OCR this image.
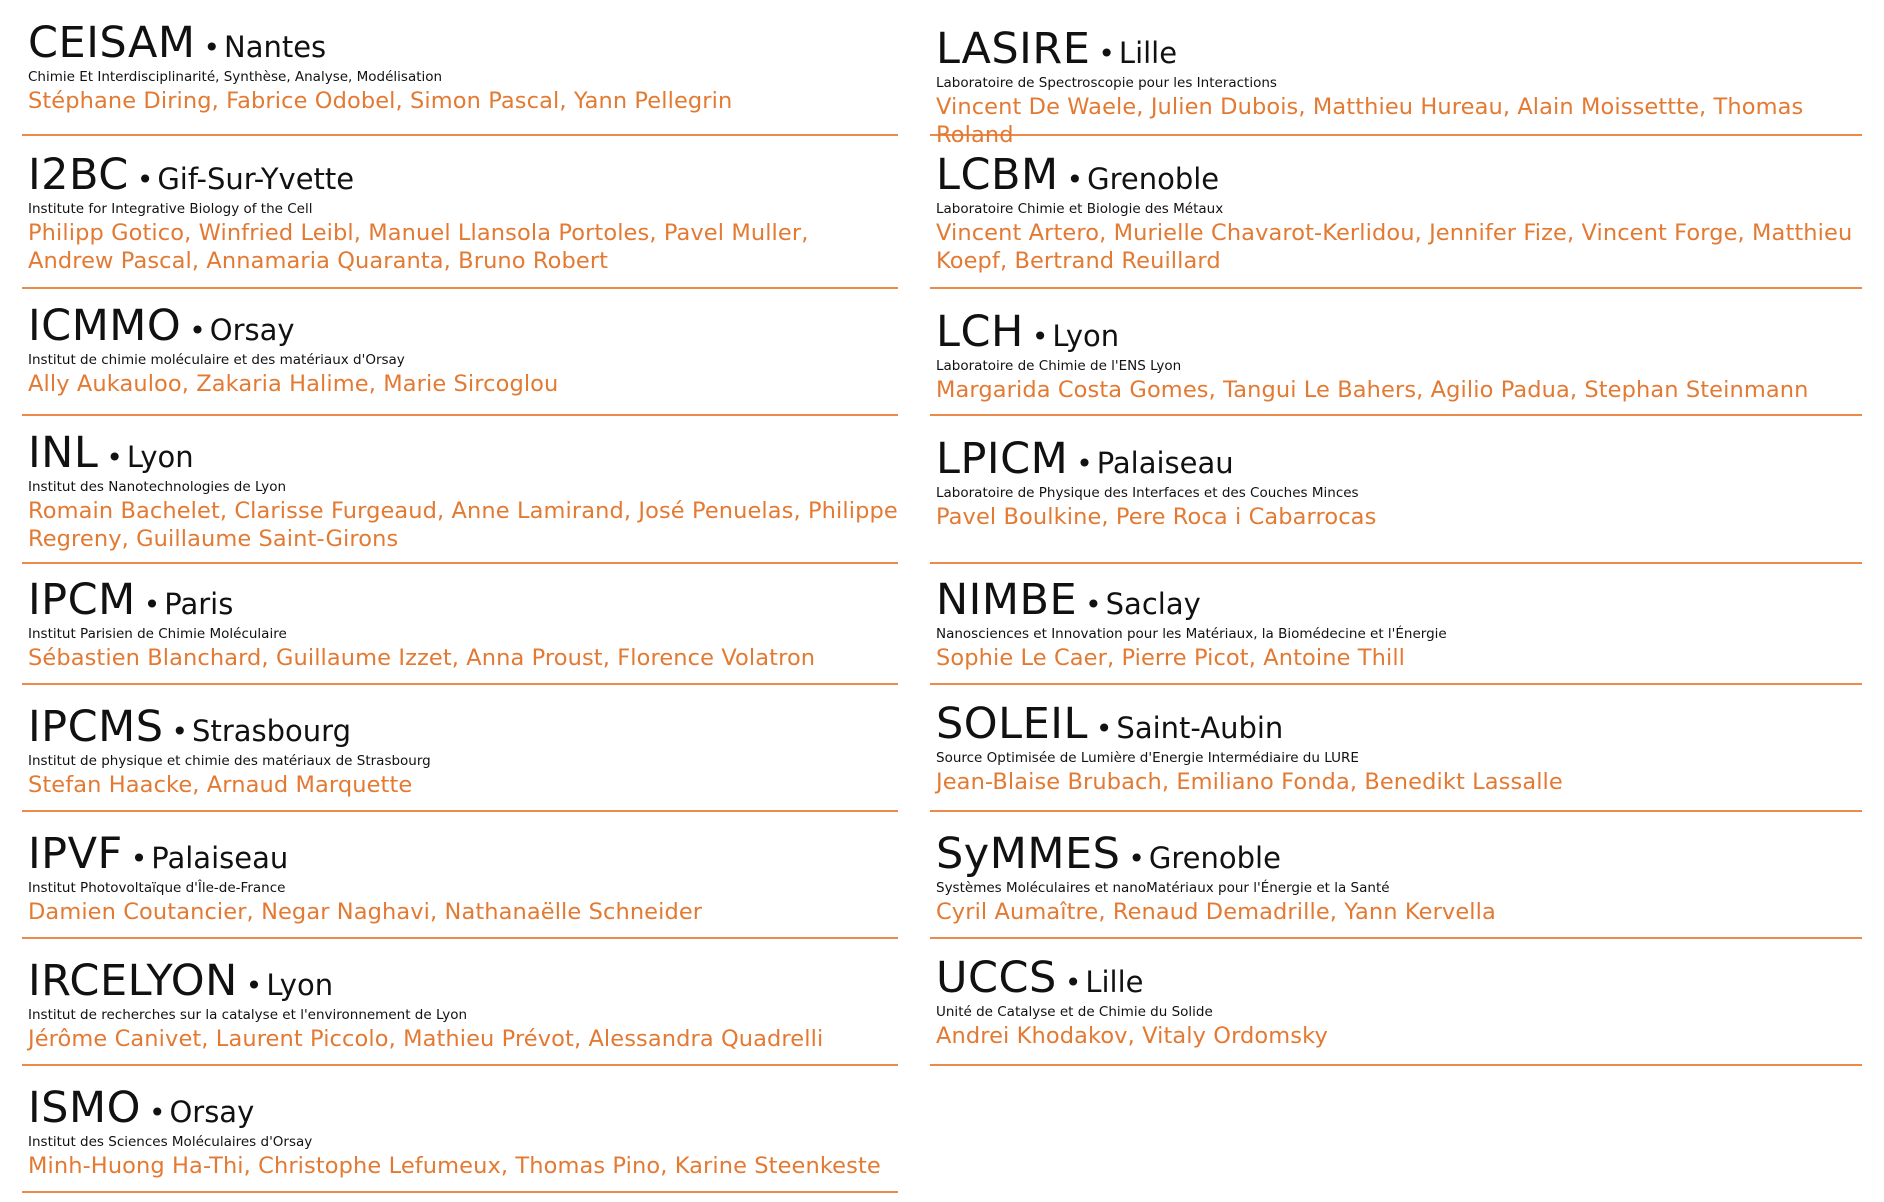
CEISAM • Nantes
Chimie Et Interdisciplinarité, Synthèse, Analyse, Modélisation
Stéphane Diring, Fabrice Odobel, Simon Pascal, Yann Pellegrin
I2BC • Gif-Sur-Yvette
Institute for Integrative Biology of the Cell
Philipp Gotico, Winfried Leibl, Manuel Llansola Portoles, Pavel Muller, Andrew Pascal, Annamaria Quaranta, Bruno Robert
ICMMO • Orsay
Institut de chimie moléculaire et des matériaux d'Orsay
Ally Aukauloo, Zakaria Halime, Marie Sircoglou
INL • Lyon
Institut des Nanotechnologies de Lyon
Romain Bachelet, Clarisse Furgeaud, Anne Lamirand, José Penuelas, Philippe Regreny, Guillaume Saint-Girons
IPCM • Paris
Institut Parisien de Chimie Moléculaire
Sébastien Blanchard, Guillaume Izzet, Anna Proust, Florence Volatron
IPCMS • Strasbourg
Institut de physique et chimie des matériaux de Strasbourg
Stefan Haacke, Arnaud Marquette
IPVF • Palaiseau
Institut Photovoltaïque d'Île-de-France
Damien Coutancier, Negar Naghavi, Nathanaëlle Schneider
IRCELYON • Lyon
Institut de recherches sur la catalyse et l'environnement de Lyon
Jérôme Canivet, Laurent Piccolo, Mathieu Prévot, Alessandra Quadrelli
ISMO • Orsay
Institut des Sciences Moléculaires d'Orsay
Minh-Huong Ha-Thi, Christophe Lefumeux, Thomas Pino, Karine Steenkeste
LASIRE • Lille
Laboratoire de Spectroscopie pour les Interactions
Vincent De Waele, Julien Dubois, Matthieu Hureau, Alain Moissettte, Thomas Roland
LCBM • Grenoble
Laboratoire Chimie et Biologie des Métaux
Vincent Artero, Murielle Chavarot-Kerlidou, Jennifer Fize, Vincent Forge, Matthieu Koepf, Bertrand Reuillard
LCH • Lyon
Laboratoire de Chimie de l'ENS Lyon
Margarida Costa Gomes, Tangui Le Bahers, Agilio Padua, Stephan Steinmann
LPICM • Palaiseau
Laboratoire de Physique des Interfaces et des Couches Minces
Pavel Boulkine, Pere Roca i Cabarrocas
NIMBE • Saclay
Nanosciences et Innovation pour les Matériaux, la Biomédecine et l'Énergie
Sophie Le Caer, Pierre Picot, Antoine Thill
SOLEIL • Saint-Aubin
Source Optimisée de Lumière d'Energie Intermédiaire du LURE
Jean-Blaise Brubach, Emiliano Fonda, Benedikt Lassalle
SyMMES • Grenoble
Systèmes Moléculaires et nanoMatériaux pour l'Énergie et la Santé
Cyril Aumaître, Renaud Demadrille, Yann Kervella
UCCS • Lille
Unité de Catalyse et de Chimie du Solide
Andrei Khodakov, Vitaly Ordomsky
